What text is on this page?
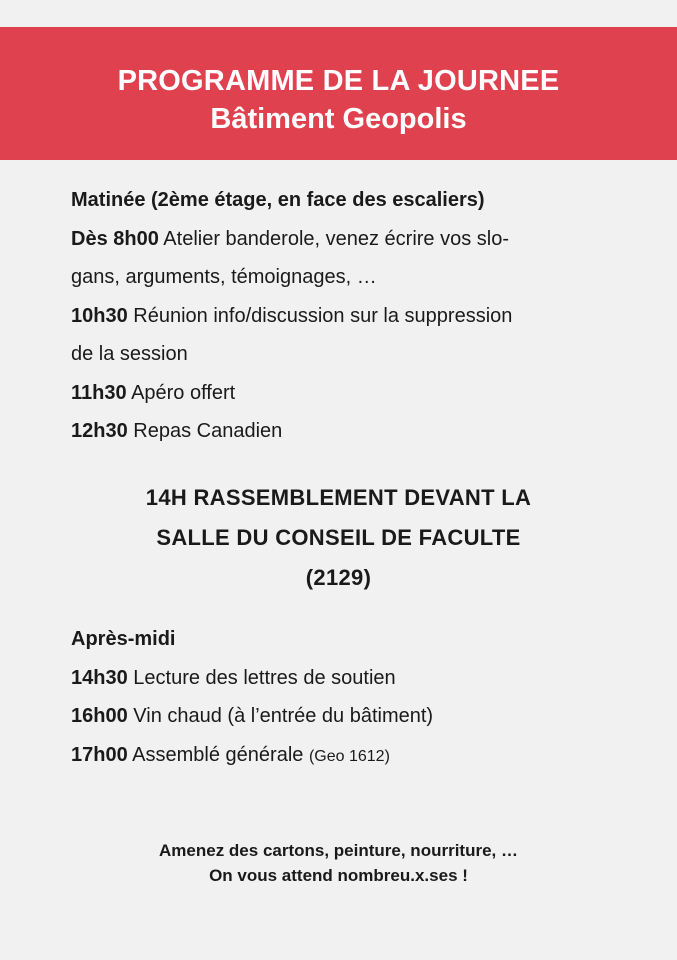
PROGRAMME DE LA JOURNEE
Bâtiment Geopolis
Matinée (2ème étage, en face des escaliers)
Dès 8h00 Atelier banderole, venez écrire vos slo-
gans, arguments, témoignages, …
10h30 Réunion info/discussion sur la suppression
de la session
11h30 Apéro offert
12h30 Repas Canadien
14H RASSEMBLEMENT DEVANT LA
SALLE DU CONSEIL DE FACULTE
(2129)
Après-midi
14h30 Lecture des lettres de soutien
16h00 Vin chaud (à l’entrée du bâtiment)
17h00 Assemblé générale (Geo 1612)
Amenez des cartons, peinture, nourriture, …
On vous attend nombreu.x.ses !
